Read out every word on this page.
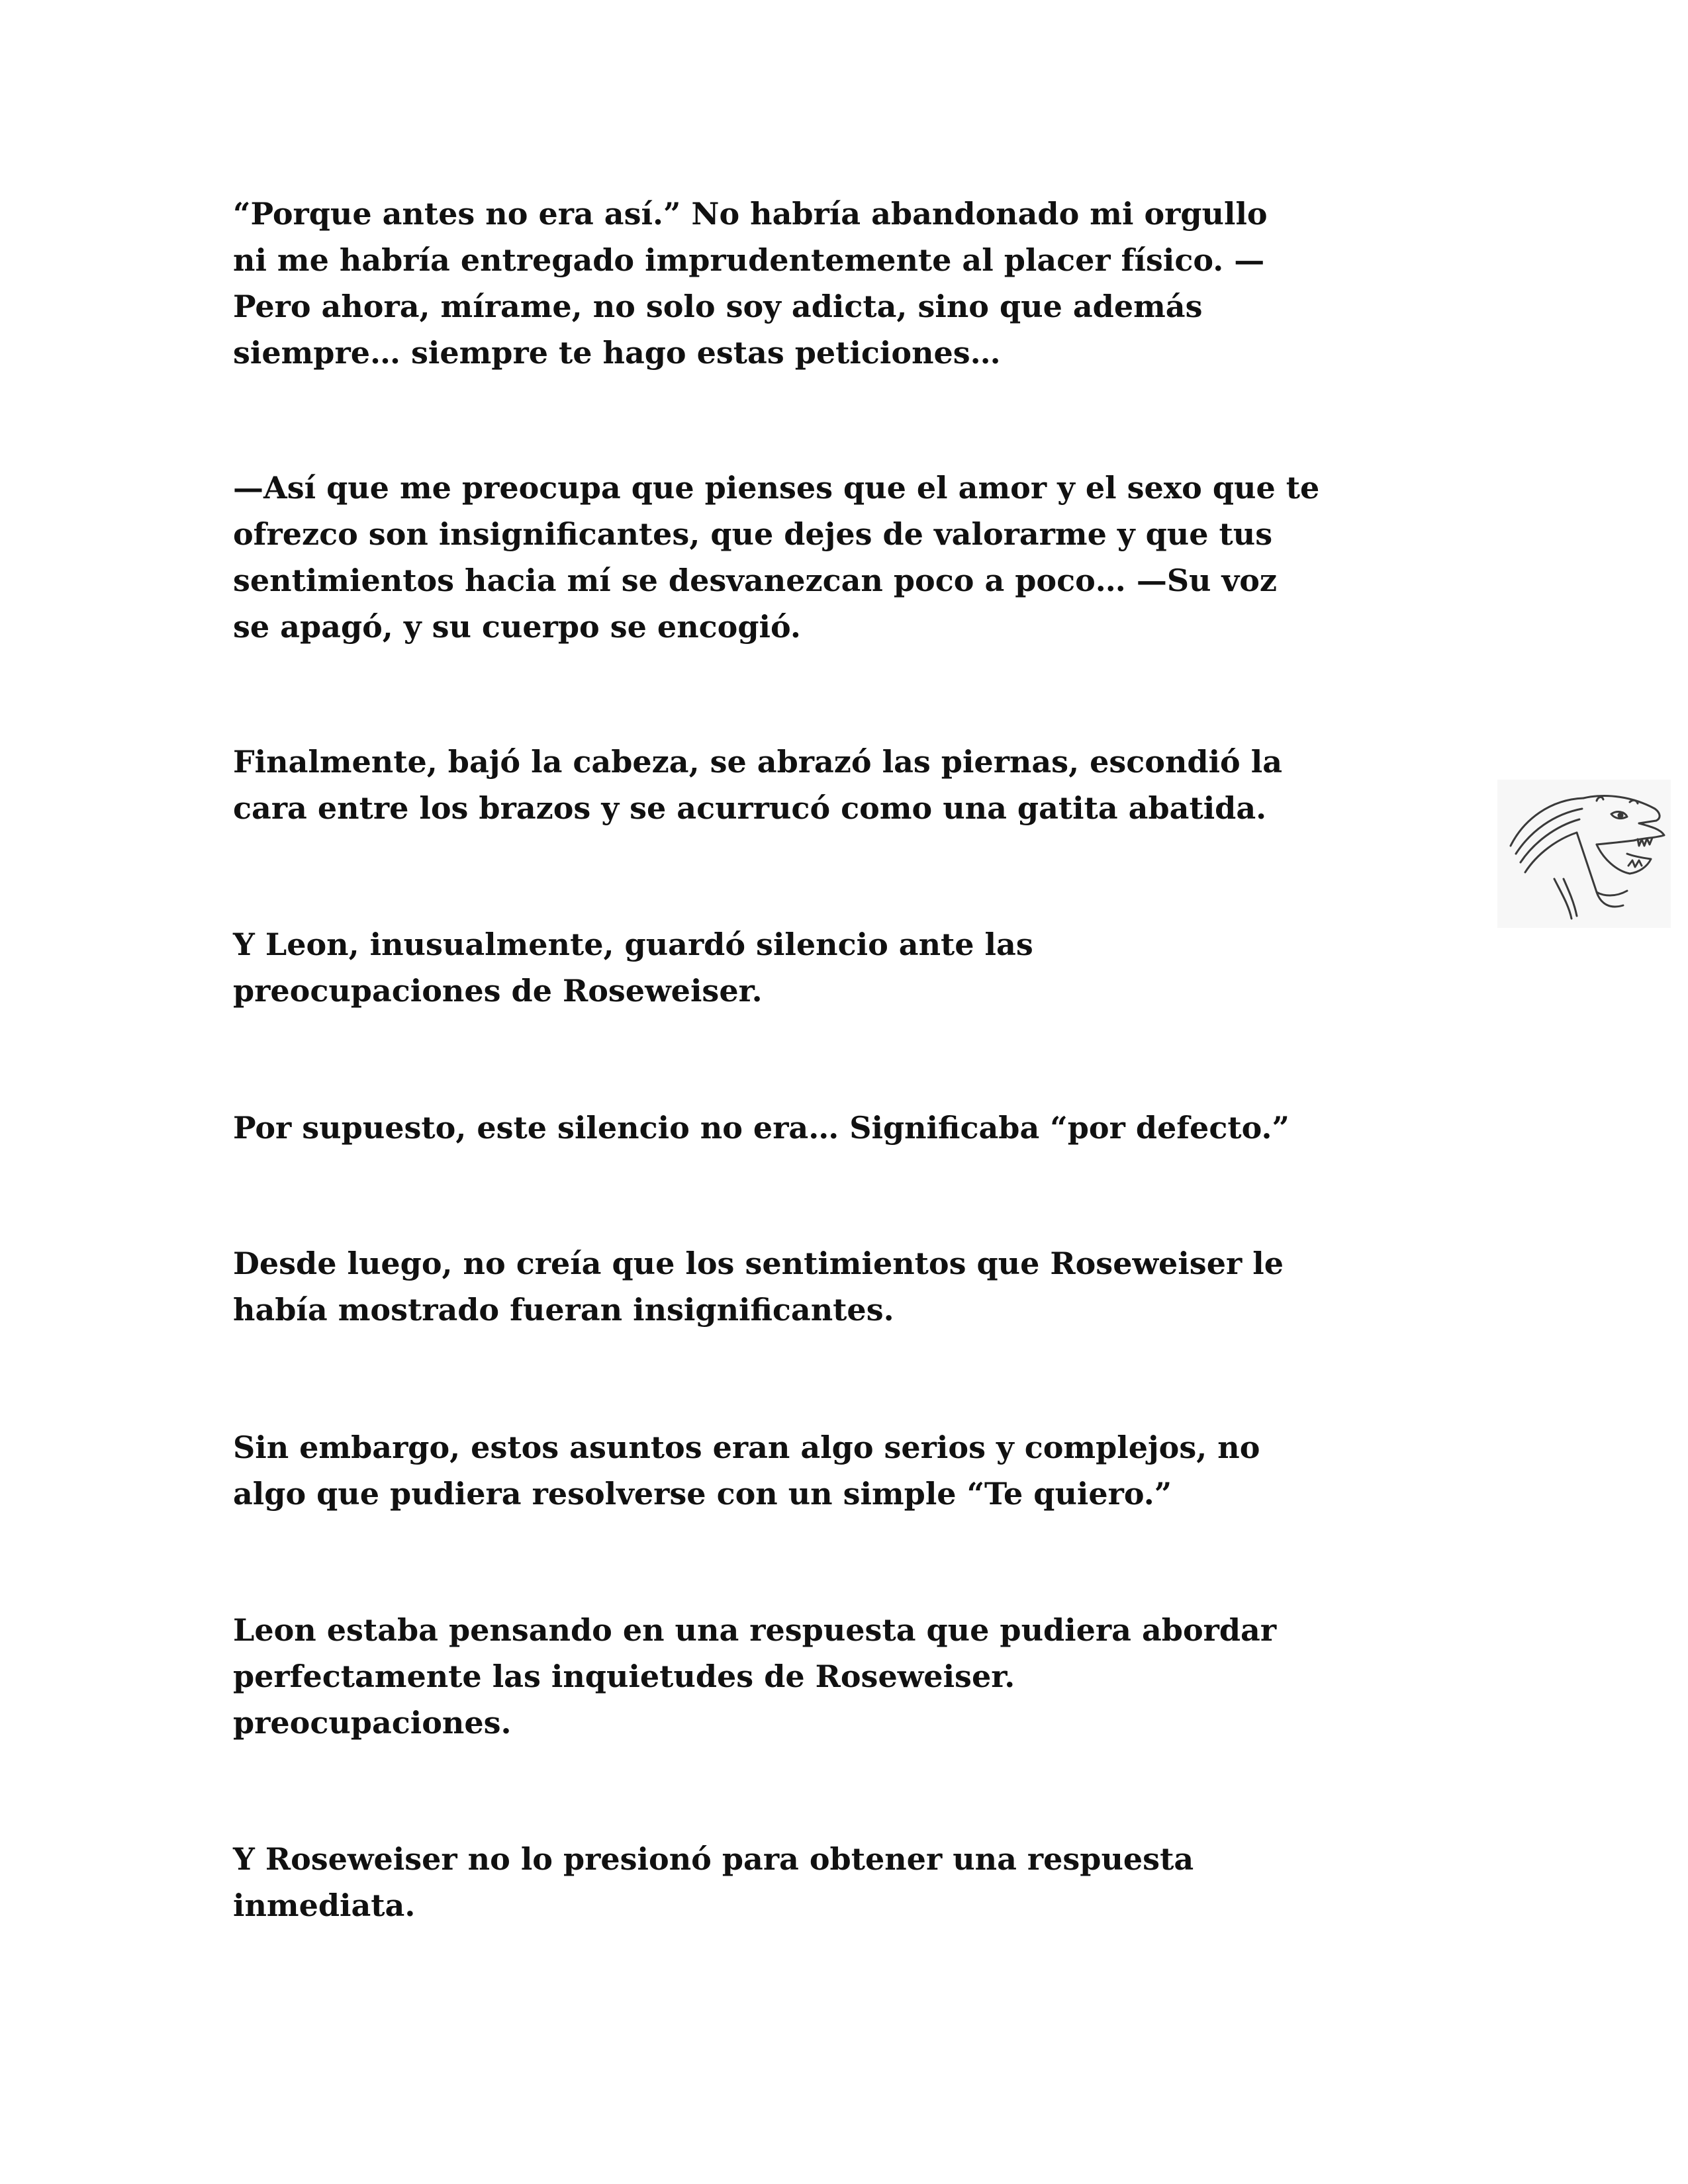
“Porque antes no era así.” No habría abandonado mi orgullo
ni me habría entregado imprudentemente al placer físico. —
Pero ahora, mírame, no solo soy adicta, sino que además
siempre… siempre te hago estas peticiones…

—Así que me preocupa que pienses que el amor y el sexo que te
ofrezco son insignificantes, que dejes de valorarme y que tus
sentimientos hacia mí se desvanezcan poco a poco… —Su voz
se apagó, y su cuerpo se encogió.

Finalmente, bajó la cabeza, se abrazó las piernas, escondió la
cara entre los brazos y se acurrucó como una gatita abatida.

Y Leon, inusualmente, guardó silencio ante las
preocupaciones de Roseweiser.

Por supuesto, este silencio no era… Significaba “por defecto.”

Desde luego, no creía que los sentimientos que Roseweiser le
había mostrado fueran insignificantes.

Sin embargo, estos asuntos eran algo serios y complejos, no
algo que pudiera resolverse con un simple “Te quiero.”

Leon estaba pensando en una respuesta que pudiera abordar
perfectamente las inquietudes de Roseweiser.
preocupaciones.

Y Roseweiser no lo presionó para obtener una respuesta
inmediata.
